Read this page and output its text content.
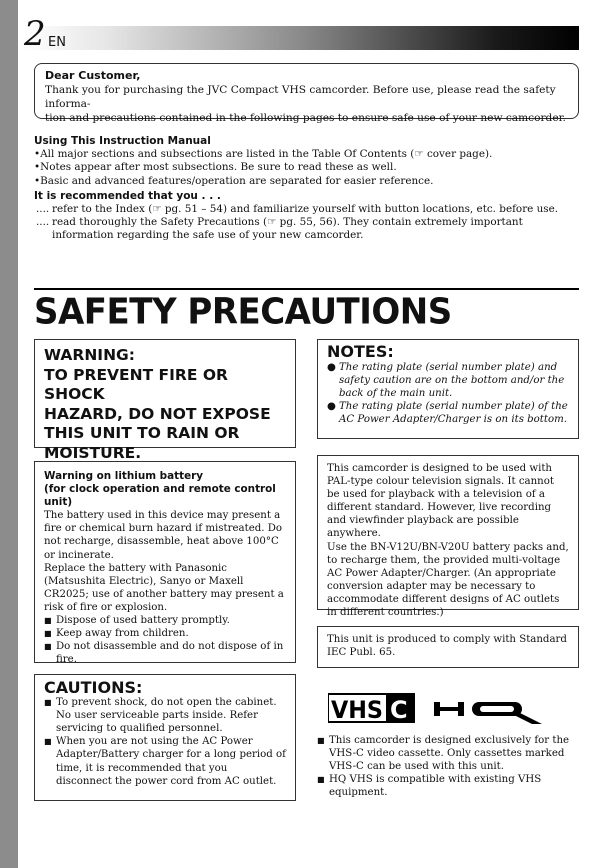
2 EN
Dear Customer,
Thank you for purchasing the JVC Compact VHS camcorder. Before use, please read the safety informa-
tion and precautions contained in the following pages to ensure safe use of your new camcorder.
Using This Instruction Manual
•All major sections and subsections are listed in the Table Of Contents (☞ cover page).
•Notes appear after most subsections. Be sure to read these as well.
•Basic and advanced features/operation are separated for easier reference.
It is recommended that you . . .
.... refer to the Index (☞ pg. 51 – 54) and familiarize yourself with button locations, etc. before use.
.... read thoroughly the Safety Precautions (☞ pg. 55, 56). They contain extremely important information regarding the safe use of your new camcorder.
SAFETY PRECAUTIONS
WARNING:
TO PREVENT FIRE OR SHOCK
HAZARD, DO NOT EXPOSE
THIS UNIT TO RAIN OR
MOISTURE.
NOTES:
● The rating plate (serial number plate) and safety caution are on the bottom and/or the back of the main unit.
● The rating plate (serial number plate) of the AC Power Adapter/Charger is on its bottom.
Warning on lithium battery
(for clock operation and remote control unit)
The battery used in this device may present a fire or chemical burn hazard if mistreated. Do not recharge, disassemble, heat above 100°C or incinerate.
Replace the battery with Panasonic (Matsushita Electric), Sanyo or Maxell CR2025; use of another battery may present a risk of fire or explosion.
■ Dispose of used battery promptly.
■ Keep away from children.
■ Do not disassemble and do not dispose of in fire.
This camcorder is designed to be used with PAL-type colour television signals. It cannot be used for playback with a television of a different standard. However, live recording and viewfinder playback are possible anywhere.
Use the BN-V12U/BN-V20U battery packs and, to recharge them, the provided multi-voltage AC Power Adapter/Charger. (An appropriate conversion adapter may be necessary to accommodate different designs of AC outlets in different countries.)
This unit is produced to comply with Standard IEC Publ. 65.
CAUTIONS:
■ To prevent shock, do not open the cabinet. No user serviceable parts inside. Refer servicing to qualified personnel.
■ When you are not using the AC Power Adapter/Battery charger for a long period of time, it is recommended that you disconnect the power cord from AC outlet.
VHS C
■ This camcorder is designed exclusively for the VHS-C video cassette. Only cassettes marked VHS-C can be used with this unit.
■ HQ VHS is compatible with existing VHS equipment.
